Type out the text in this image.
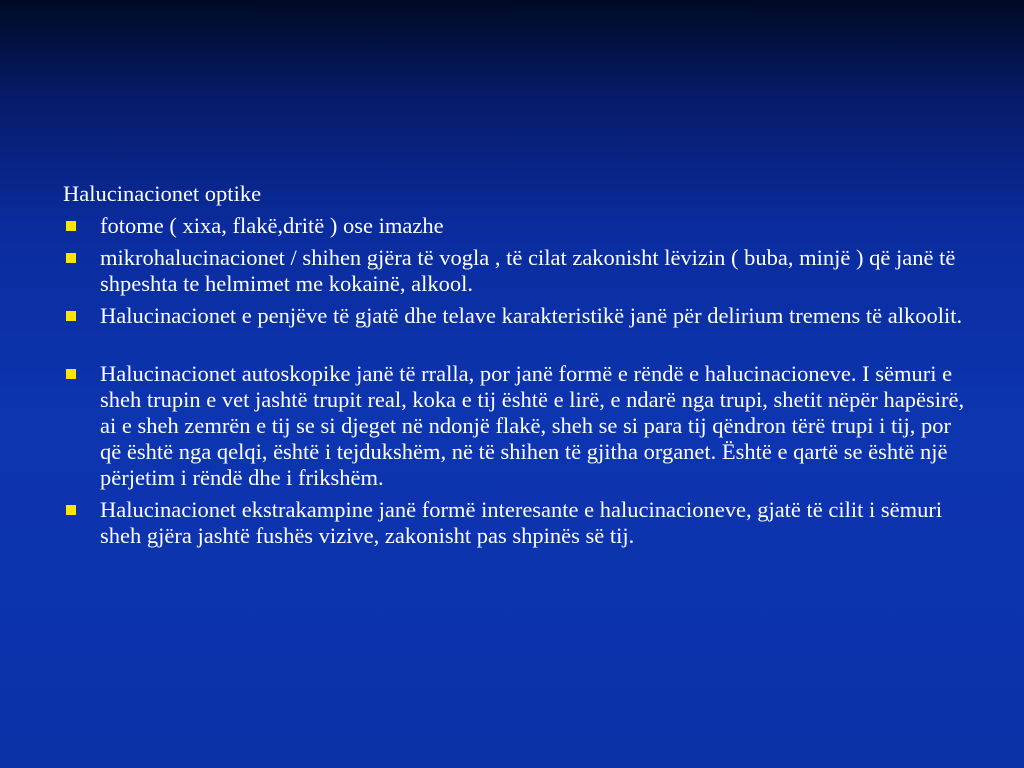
Halucinacionet optike
fotome ( xixa, flakë,dritë ) ose imazhe
mikrohalucinacionet / shihen gjëra të vogla , të cilat zakonisht lëvizin ( buba, minjë ) që janë të shpeshta te helmimet me kokainë, alkool.
Halucinacionet e penjëve të gjatë dhe telave karakteristikë janë për delirium tremens të alkoolit.
Halucinacionet autoskopike janë të rralla, por janë formë e rëndë e halucinacioneve. I sëmuri e sheh trupin e vet jashtë trupit real, koka e tij është e lirë, e ndarë nga trupi, shetit nëpër hapësirë, ai e sheh zemrën e tij se si djeget në ndonjë flakë, sheh se si para tij qëndron tërë trupi i tij, por që është nga qelqi, është i tejdukshëm, në të shihen të gjitha organet. Është e qartë se është një përjetim i rëndë dhe i frikshëm.
Halucinacionet ekstrakampine janë formë interesante e halucinacioneve, gjatë të cilit i sëmuri sheh gjëra jashtë fushës vizive, zakonisht pas shpinës së tij.
